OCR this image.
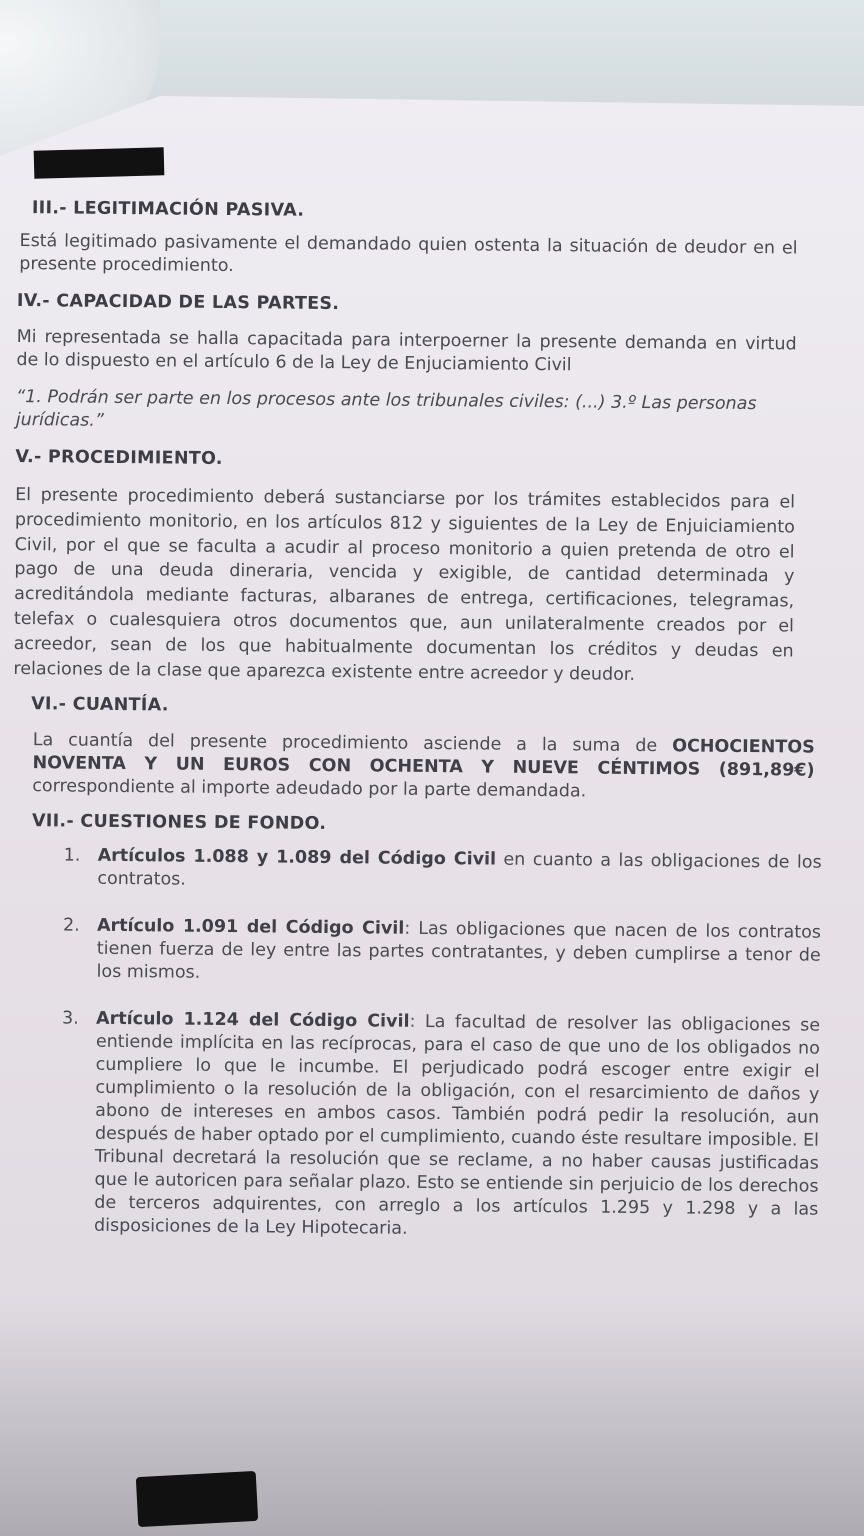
III.- LEGITIMACIÓN PASIVA.

Está legitimado pasivamente el demandado quien ostenta la situación de deudor en el presente procedimiento.

IV.- CAPACIDAD DE LAS PARTES.

Mi representada se halla capacitada para interpoerner la presente demanda en virtud de lo dispuesto en el artículo 6 de la Ley de Enjuciamiento Civil

“1. Podrán ser parte en los procesos ante los tribunales civiles: (...) 3.º Las personas jurídicas.”

V.- PROCEDIMIENTO.

El presente procedimiento deberá sustanciarse por los trámites establecidos para el procedimiento monitorio, en los artículos 812 y siguientes de la Ley de Enjuiciamiento Civil, por el que se faculta a acudir al proceso monitorio a quien pretenda de otro el pago de una deuda dineraria, vencida y exigible, de cantidad determinada y acreditándola mediante facturas, albaranes de entrega, certificaciones, telegramas, telefax o cualesquiera otros documentos que, aun unilateralmente creados por el acreedor, sean de los que habitualmente documentan los créditos y deudas en relaciones de la clase que aparezca existente entre acreedor y deudor.

VI.- CUANTÍA.

La cuantía del presente procedimiento asciende a la suma de OCHOCIENTOS NOVENTA Y UN EUROS CON OCHENTA Y NUEVE CÉNTIMOS (891,89€) correspondiente al importe adeudado por la parte demandada.

VII.- CUESTIONES DE FONDO.

1. Artículos 1.088 y 1.089 del Código Civil en cuanto a las obligaciones de los contratos.
2. Artículo 1.091 del Código Civil: Las obligaciones que nacen de los contratos tienen fuerza de ley entre las partes contratantes, y deben cumplirse a tenor de los mismos.
3. Artículo 1.124 del Código Civil: La facultad de resolver las obligaciones se entiende implícita en las recíprocas, para el caso de que uno de los obligados no cumpliere lo que le incumbe. El perjudicado podrá escoger entre exigir el cumplimiento o la resolución de la obligación, con el resarcimiento de daños y abono de intereses en ambos casos. También podrá pedir la resolución, aun después de haber optado por el cumplimiento, cuando éste resultare imposible. El Tribunal decretará la resolución que se reclame, a no haber causas justificadas que le autoricen para señalar plazo. Esto se entiende sin perjuicio de los derechos de terceros adquirentes, con arreglo a los artículos 1.295 y 1.298 y a las disposiciones de la Ley Hipotecaria.
